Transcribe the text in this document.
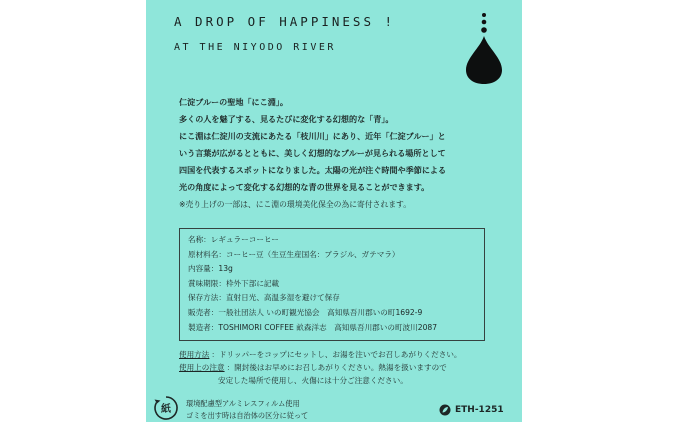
A DROP OF HAPPINESS !
AT THE NIYODO RIVER
仁淀ブルーの聖地「にこ淵」。
多くの人を魅了する、見るたびに変化する幻想的な「青」。
にこ淵は仁淀川の支流にあたる「枝川川」にあり、近年「仁淀ブルー」と
いう言葉が広がるとともに、美しく幻想的なブルーが見られる場所として
四国を代表するスポットになりました。太陽の光が注ぐ時間や季節による
光の角度によって変化する幻想的な青の世界を見ることができます。
※売り上げの一部は、にこ淵の環境美化保全の為に寄付されます。
名称：レギュラーコーヒー
原材料名：コーヒー豆（生豆生産国名：ブラジル、ガテマラ）
内容量：13g
賞味期限：枠外下部に記載
保存方法：直射日光、高温多湿を避けて保存
販売者：一般社団法人 いの町観光協会　高知県吾川郡いの町1692-9
製造者：TOSHIMORI COFFEE 畝森洋志　高知県吾川郡いの町波川2087
使用方法 ：ドリッパーをコップにセットし、お湯を注いでお召しあがりください。
使用上の注意 ：開封後はお早めにお召しあがりください。熱湯を扱いますので
安定した場所で使用し、火傷には十分ご注意ください。
紙
環境配慮型アルミレスフィルム使用
ゴミを出す時は自治体の区分に従って
ETH-1251
